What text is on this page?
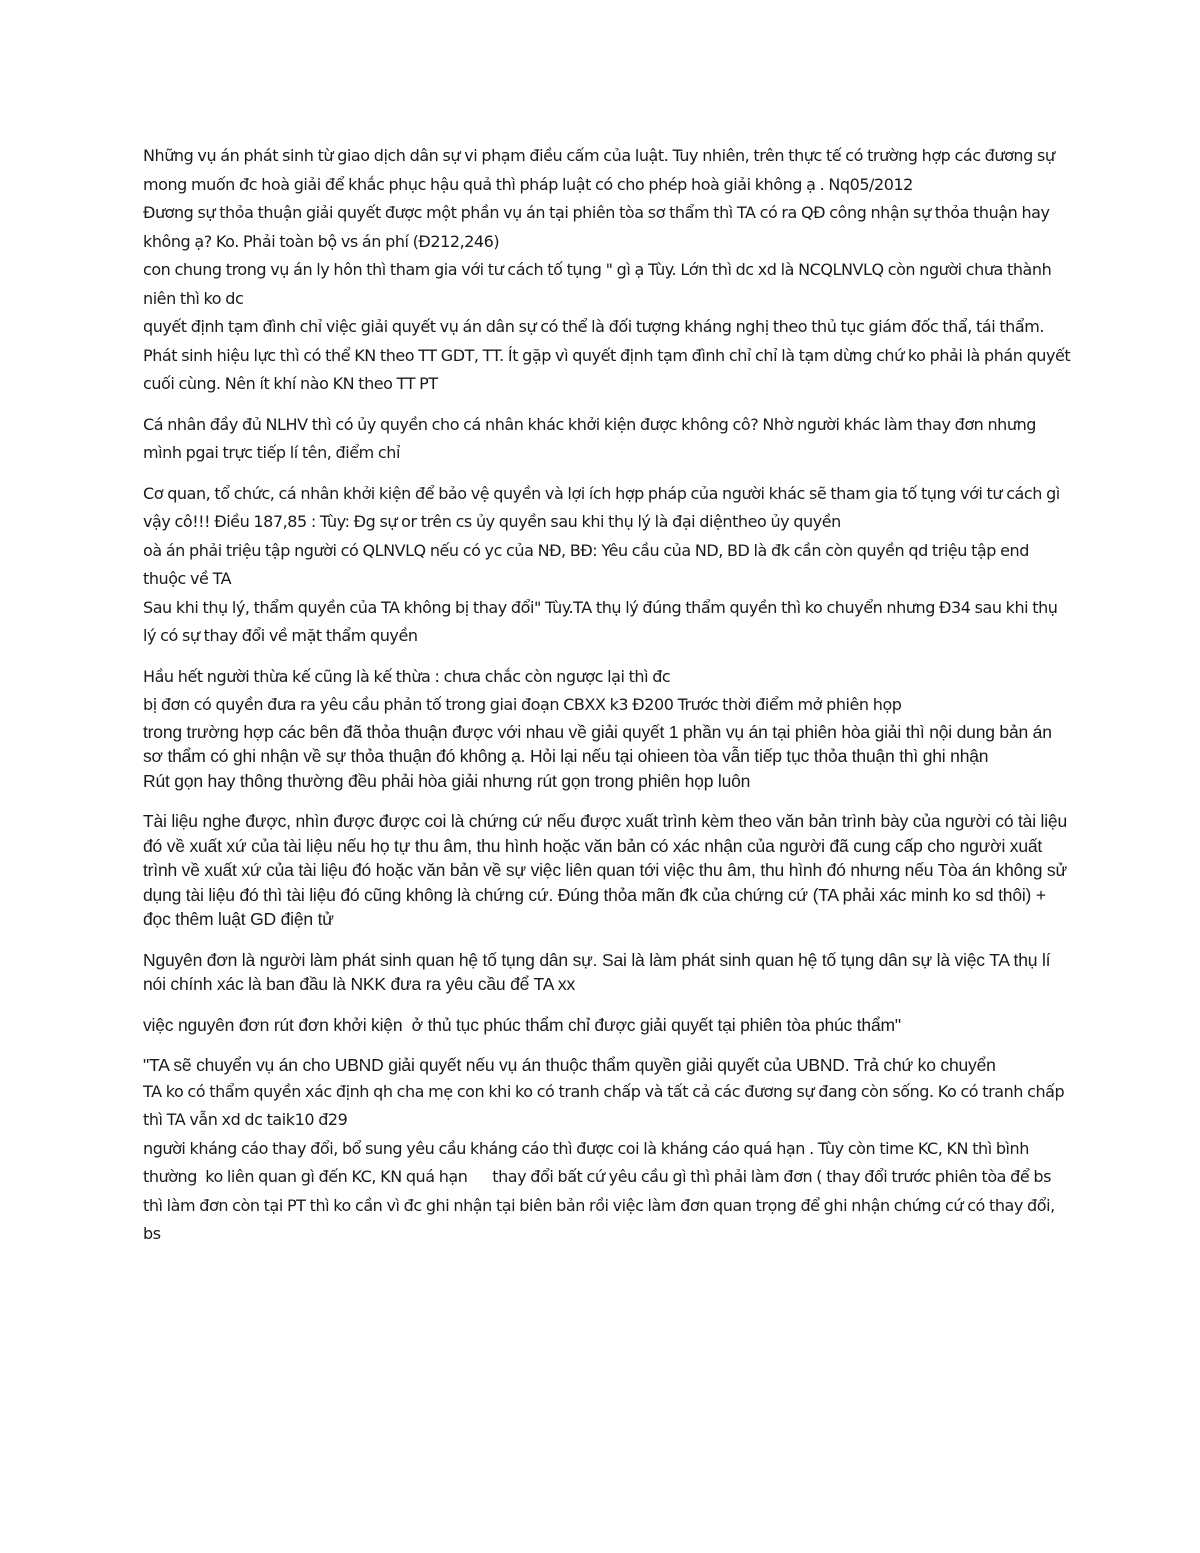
Những vụ án phát sinh từ giao dịch dân sự vi phạm điều cấm của luật. Tuy nhiên, trên thực tế có trường hợp các đương sự mong muốn đc hoà giải để khắc phục hậu quả thì pháp luật có cho phép hoà giải không ạ . Nq05/2012

Đương sự thỏa thuận giải quyết được một phần vụ án tại phiên tòa sơ thẩm thì TA có ra QĐ công nhận sự thỏa thuận hay không ạ? Ko. Phải toàn bộ vs án phí (Đ212,246)

con chung trong vụ án ly hôn thì tham gia với tư cách tố tụng " gì ạ Tùy. Lớn thì dc xd là NCQLNVLQ còn người chưa thành niên thì ko dc

quyết định tạm đình chỉ việc giải quyết vụ án dân sự có thể là đối tượng kháng nghị theo thủ tục giám đốc thẩ, tái thẩm. Phát sinh hiệu lực thì có thể KN theo TT GDT, TT. Ít gặp vì quyết định tạm đình chỉ chỉ là tạm dừng chứ ko phải là phán quyết cuối cùng. Nên ít khí nào KN theo TT PT

Cá nhân đầy đủ NLHV thì có ủy quyền cho cá nhân khác khởi kiện được không cô? Nhờ người khác làm thay đơn nhưng mình pgai trực tiếp lí tên, điểm chỉ

Cơ quan, tổ chức, cá nhân khởi kiện để bảo vệ quyền và lợi ích hợp pháp của người khác sẽ tham gia tố tụng với tư cách gì vậy cô!!! Điều 187,85 : Tùy: Đg sự or trên cs ủy quyền sau khi thụ lý là đại diệntheo ủy quyền

oà án phải triệu tập người có QLNVLQ nếu có yc của NĐ, BĐ: Yêu cầu của ND, BD là đk cần còn quyền qd triệu tập end thuộc về TA

Sau khi thụ lý, thẩm quyền của TA không bị thay đổi" Tùy.TA thụ lý đúng thẩm quyền thì ko chuyển nhưng Đ34 sau khi thụ lý có sự thay đổi về mặt thẩm quyền

Hầu hết người thừa kế cũng là kế thừa : chưa chắc còn ngược lại thì đc

bị đơn có quyền đưa ra yêu cầu phản tố trong giai đoạn CBXX k3 Đ200 Trước thời điểm mở phiên họp

trong trường hợp các bên đã thỏa thuận được với nhau về giải quyết 1 phần vụ án tại phiên hòa giải thì nội dung bản án sơ thẩm có ghi nhận về sự thỏa thuận đó không ạ. Hỏi lại nếu tại ohieen tòa vẫn tiếp tục thỏa thuận thì ghi nhận

Rút gọn hay thông thường đều phải hòa giải nhưng rút gọn trong phiên họp luôn

Tài liệu nghe được, nhìn được được coi là chứng cứ nếu được xuất trình kèm theo văn bản trình bày của người có tài liệu đó về xuất xứ của tài liệu nếu họ tự thu âm, thu hình hoặc văn bản có xác nhận của người đã cung cấp cho người xuất trình về xuất xứ của tài liệu đó hoặc văn bản về sự việc liên quan tới việc thu âm, thu hình đó nhưng nếu Tòa án không sử dụng tài liệu đó thì tài liệu đó cũng không là chứng cứ. Đúng thỏa mãn đk của chứng cứ (TA phải xác minh ko sd thôi) + đọc thêm luật GD điện tử

Nguyên đơn là người làm phát sinh quan hệ tố tụng dân sự. Sai là làm phát sinh quan hệ tố tụng dân sự là việc TA thụ lí nói chính xác là ban đầu là NKK đưa ra yêu cầu để TA xx

việc nguyên đơn rút đơn khởi kiện  ở thủ tục phúc thẩm chỉ được giải quyết tại phiên tòa phúc thẩm"

"TA sẽ chuyển vụ án cho UBND giải quyết nếu vụ án thuộc thẩm quyền giải quyết của UBND. Trả chứ ko chuyển

TA ko có thẩm quyền xác định qh cha mẹ con khi ko có tranh chấp và tất cả các đương sự đang còn sống. Ko có tranh chấp thì TA vẫn xd dc taik10 đ29

người kháng cáo thay đổi, bổ sung yêu cầu kháng cáo thì được coi là kháng cáo quá hạn . Tùy còn time KC, KN thì bình thường  ko liên quan gì đến KC, KN quá hạn      thay đổi bất cứ yêu cầu gì thì phải làm đơn ( thay đổi trước phiên tòa để bs thì làm đơn còn tại PT thì ko cần vì đc ghi nhận tại biên bản rồi việc làm đơn quan trọng để ghi nhận chứng cứ có thay đổi, bs
